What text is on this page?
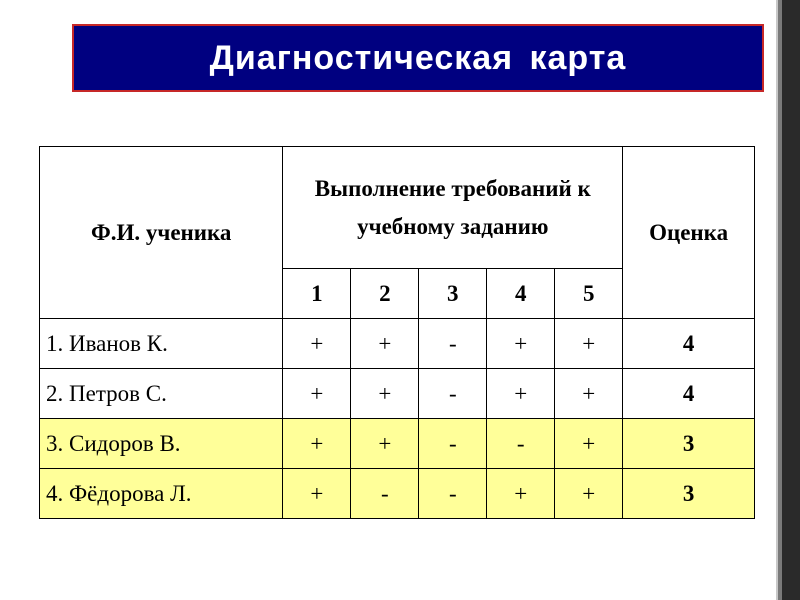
Диагностическая карта
Ф.И. ученика	Выполнение требований к учебному заданию					Оценка
	1	2	3	4	5	
1. Иванов К.	+	+	-	+	+	4
2. Петров С.	+	+	-	+	+	4
3. Сидоров В.	+	+	-	-	+	3
4. Фёдорова Л.	+	-	-	+	+	3
